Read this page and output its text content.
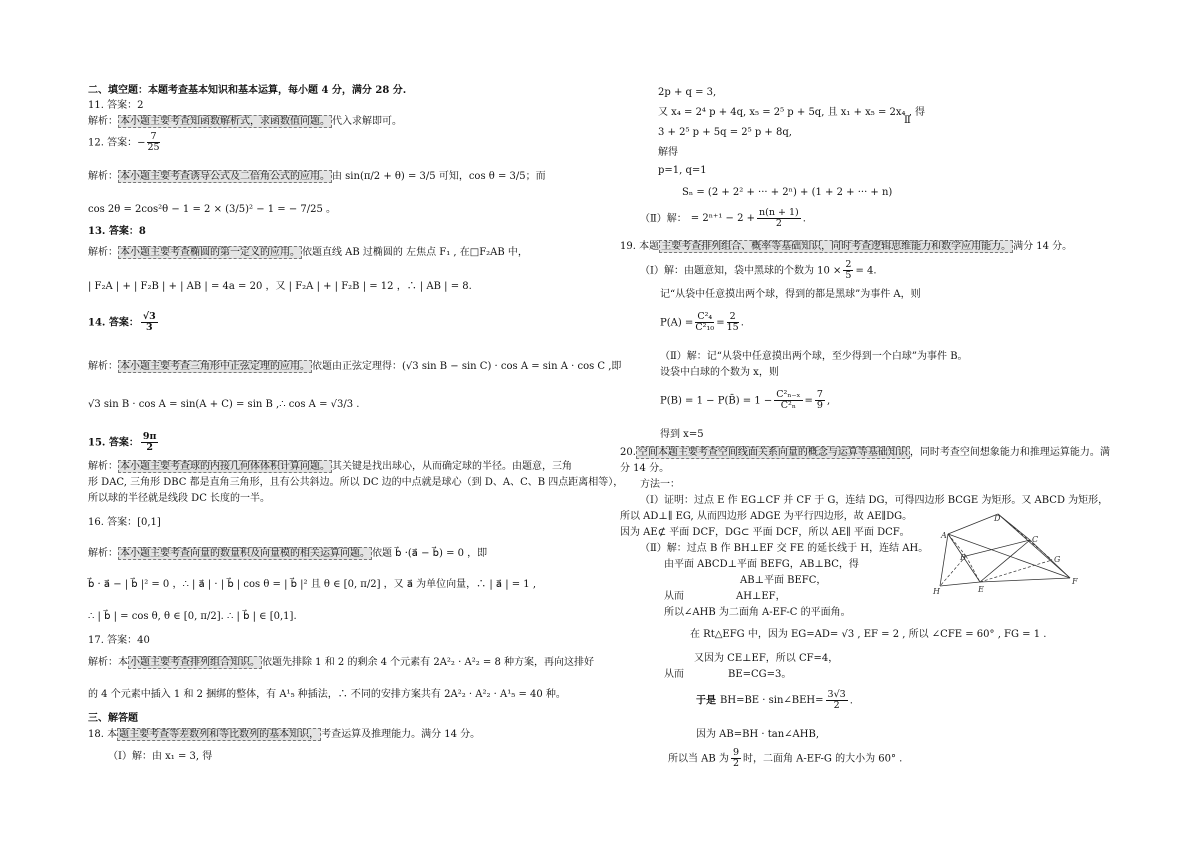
二、填空题：本题考查基本知识和基本运算，每小题 4 分，满分 28 分.
11. 答案：2
解析： 本小题主要考查知函数解析式，求函数值问题。 代入求解即可。
12. 答案：− $\frac{7}{25}$
解析： 本小题主要考查诱导公式及二倍角公式的应用。 由 sin(π/2 + θ) = 3/5 可知，cos θ = 3/5；而
cos 2θ = 2cos²θ − 1 = 2 × (3/5)² − 1 = − 7/25 。
13. 答案：8
解析： 本小题主要考查椭圆的第一定义的应用。 依题直线 AB 过椭圆的 左焦点 F₁ , 在□F₂AB 中，
| F₂A | + | F₂B | + | AB | = 4a = 20 ，又 | F₂A | + | F₂B | = 12 ，∴ | AB | = 8.
14. 答案： $\frac{√3}{3}$
解析： 本小题主要考查三角形中正弦定理的应用。 依题由正弦定理得：(√3 sin B − sin C) · cos A = sin A · cos C ,即
√3 sin B · cos A = sin(A + C) = sin B ,∴ cos A = √3/3 .
15. 答案： $\frac{9\pi}{2}$
解析： 本小题主要考查球的内接几何体体积计算问题。 其关键是找出球心，从而确定球的半径。由题意，三角
形 DAC, 三角形 DBC 都是直角三角形，且有公共斜边。所以 DC 边的中点就是球心（到 D、A、C、B 四点距离相等），
所以球的半径就是线段 DC 长度的一半。
16. 答案：[0,1]
解析： 本小题主要考查向量的数量积及向量模的相关运算问题。 依题 b⃗ ·(a⃗ − b⃗) = 0 ，即
b⃗ · a⃗ − | b⃗ |² = 0 ，∴ | a⃗ | · | b⃗ | cos θ = | b⃗ |² 且 θ ∈ [0, π/2] ，又 a⃗ 为单位向量，∴ | a⃗ | = 1 ,
∴ | b⃗ | = cos θ, θ ∈ [0, π/2]. ∴ | b⃗ | ∈ [0,1].
17. 答案：40
解析：本 小题主要考查排列组合知识。 依题先排除 1 和 2 的剩余 4 个元素有 2A²₂ · A²₂ = 8 种方案，再向这排好
的 4 个元素中插入 1 和 2 捆绑的整体，有 A¹₅ 种插法，∴ 不同的安排方案共有 2A²₂ · A²₂ · A¹₅ = 40 种。
三、解答题
18. 本 题主要考查等差数列和等比数列的基本知识， 考查运算及推理能力。满分 14 分。
（Ⅰ）解：由 x₁ = 3, 得
2p + q = 3,
又 x₄ = 2⁴ p + 4q, x₅ = 2⁵ p + 5q, 且 x₁ + x₅ = 2x₄ , 得
Ⅱ
3 + 2⁵ p + 5q = 2⁵ p + 8q,
解得
p=1, q=1
Sₙ = (2 + 2² + ··· + 2ⁿ) + (1 + 2 + ··· + n)
（Ⅱ）解： = $2^{n+1} - 2 + \frac{n(n + 1)}{2}$ .
19. 本题 主要考查排列组合、概率等基础知识，同时考查逻辑思维能力和数学应用能力。 满分 14 分。
（Ⅰ）解：由题意知，袋中黑球的个数为 $10 \times \frac{2}{5} = 4$.
记“从袋中任意摸出两个球，得到的都是黑球”为事件 A，则
$P(A) = \frac{\text{C²₄}}{\text{C²₁₀}} = \frac{2}{15}$ .
（Ⅱ）解：记“从袋中任意摸出两个球，至少得到一个白球”为事件 B。
设袋中白球的个数为 x，则
P(B) = 1 − P(B̄) = $1 - \frac{\text{C²ₙ₋ₓ}}{\text{C²ₙ}} = \frac{7}{9}$ ,
得到 x=5
20. 空间本题主要考查空间线面关系向量的概念与运算等基础知识 ，同时考查空间想象能力和推理运算能力。满
分 14 分。
方法一：
（Ⅰ）证明：过点 E 作 EG⊥CF 并 CF 于 G，连结 DG，可得四边形 BCGE 为矩形。又 ABCD 为矩形，
所以 AD⊥∥ EG, 从而四边形 ADGE 为平行四边形，故 AE∥DG。
因为 AE⊄ 平面 DCF，DG⊂ 平面 DCF，所以 AE∥ 平面 DCF。
（Ⅱ）解：过点 B 作 BH⊥EF 交 FE 的延长线于 H，连结 AH。
由平面 ABCD⊥平面 BEFG，AB⊥BC，得
AB⊥平面 BEFC，
从而	AH⊥EF，
所以∠AHB 为二面角 A-EF-C 的平面角。
在 Rt△EFG 中，因为 EG=AD= √3 , EF = 2 , 所以 ∠CFE = 60° , FG = 1 .
又因为 CE⊥EF，所以 CF=4，
从而	BE=CG=3。
于是 BH=BE · sin∠BEH= $\frac{3√3}{2}$ .
因为 AB=BH · tan∠AHB,
所以当 AB 为 $\frac{9}{2}$ 时，二面角 A-EF-G 的大小为 60° .
A
B
C
D
E
F
G
H
